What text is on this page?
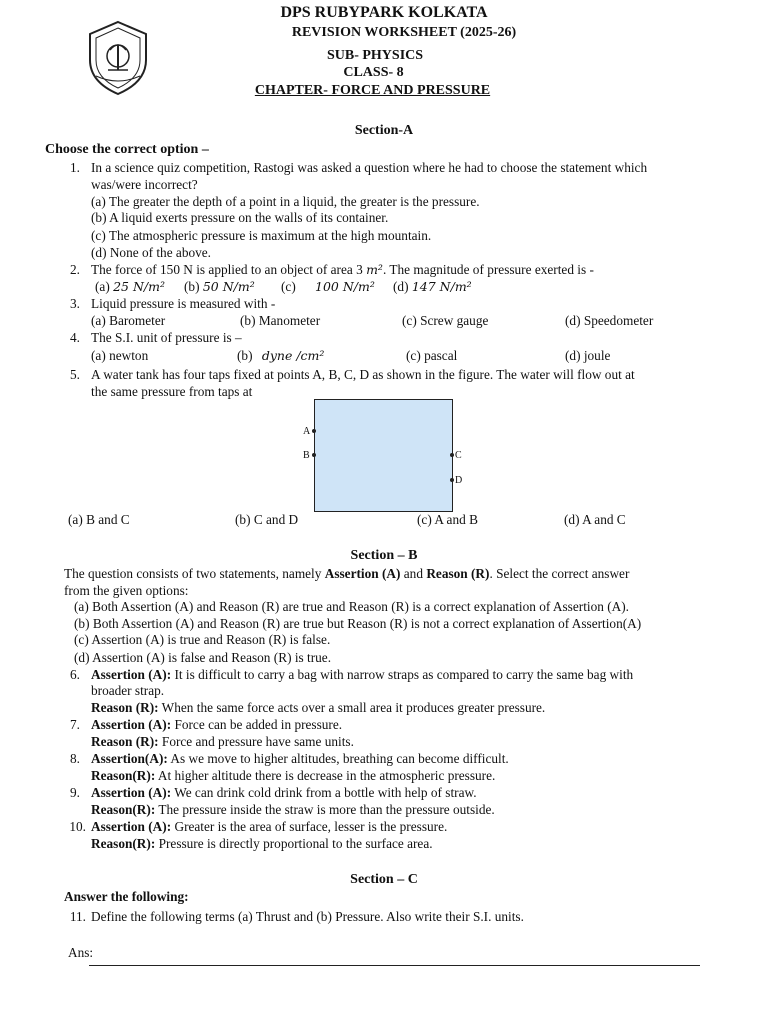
DPS RUBYPARK KOLKATA
REVISION WORKSHEET (2025-26)
SUB- PHYSICS
CLASS- 8
CHAPTER- FORCE AND PRESSURE
Section-A
Choose the correct option –
1. In a science quiz competition, Rastogi was asked a question where he had to choose the statement which
was/were incorrect?
(a) The greater the depth of a point in a liquid, the greater is the pressure.
(b) A liquid exerts pressure on the walls of its container.
(c) The atmospheric pressure is maximum at the high mountain.
(d) None of the above.
2. The force of 150 N is applied to an object of area 3 m². The magnitude of pressure exerted is -
(a) 25 N/m² (b) 50 N/m² (c) 100 N/m² (d) 147 N/m²
3. Liquid pressure is measured with -
(a) Barometer	(b) Manometer	(c) Screw gauge	(d) Speedometer
4. The S.I. unit of pressure is –
(a) newton	(b) dyne /cm²	(c) pascal	(d) joule
5. A water tank has four taps fixed at points A, B, C, D as shown in the figure. The water will flow out at
the same pressure from taps at
A
B	C
D
(a) B and C	(b) C and D	(c) A and B	(d) A and C
Section – B
The question consists of two statements, namely Assertion (A) and Reason (R). Select the correct answer
from the given options:
(a) Both Assertion (A) and Reason (R) are true and Reason (R) is a correct explanation of Assertion (A).
(b) Both Assertion (A) and Reason (R) are true but Reason (R) is not a correct explanation of Assertion(A)
(c) Assertion (A) is true and Reason (R) is false.
(d) Assertion (A) is false and Reason (R) is true.
6. Assertion (A): It is difficult to carry a bag with narrow straps as compared to carry the same bag with
broader strap.
Reason (R): When the same force acts over a small area it produces greater pressure.
7. Assertion (A): Force can be added in pressure.
Reason (R): Force and pressure have same units.
8. Assertion(A): As we move to higher altitudes, breathing can become difficult.
Reason(R): At higher altitude there is decrease in the atmospheric pressure.
9. Assertion (A): We can drink cold drink from a bottle with help of straw.
Reason(R): The pressure inside the straw is more than the pressure outside.
10. Assertion (A): Greater is the area of surface, lesser is the pressure.
Reason(R): Pressure is directly proportional to the surface area.
Section – C
Answer the following:
11. Define the following terms (a) Thrust and (b) Pressure. Also write their S.I. units.
Ans:
